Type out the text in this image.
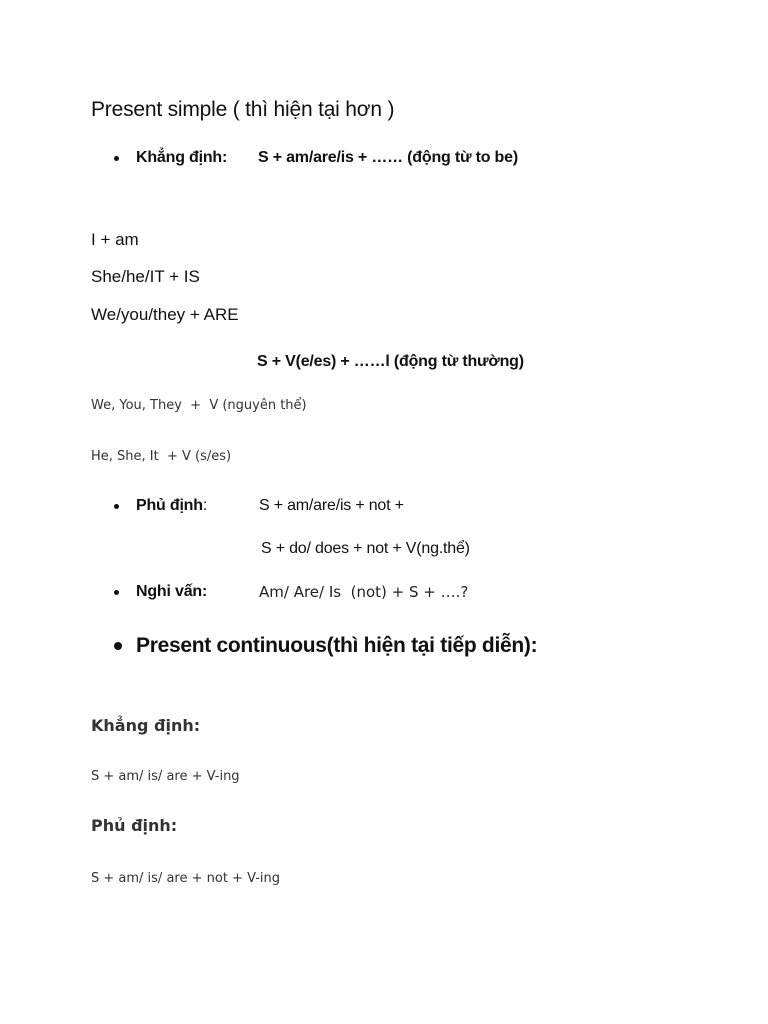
Present simple ( thì hiện tại hơn )

Khẳng định: S + am/are/is + …… (động từ to be)

I + am

She/he/IT + IS

We/you/they + ARE

S + V(e/es) + ……l (động từ thường)

We, You, They  +  V (nguyên thể)

He, She, It  + V (s/es)

Phủ định:	S + am/are/is + not +

S + do/ does + not + V(ng.thể)

Nghi vấn:	Am/ Are/ Is  (not) + S + ….?

Present continuous(thì hiện tại tiếp diễn):

Khẳng định:

S + am/ is/ are + V-ing

Phủ định:

S + am/ is/ are + not + V-ing
